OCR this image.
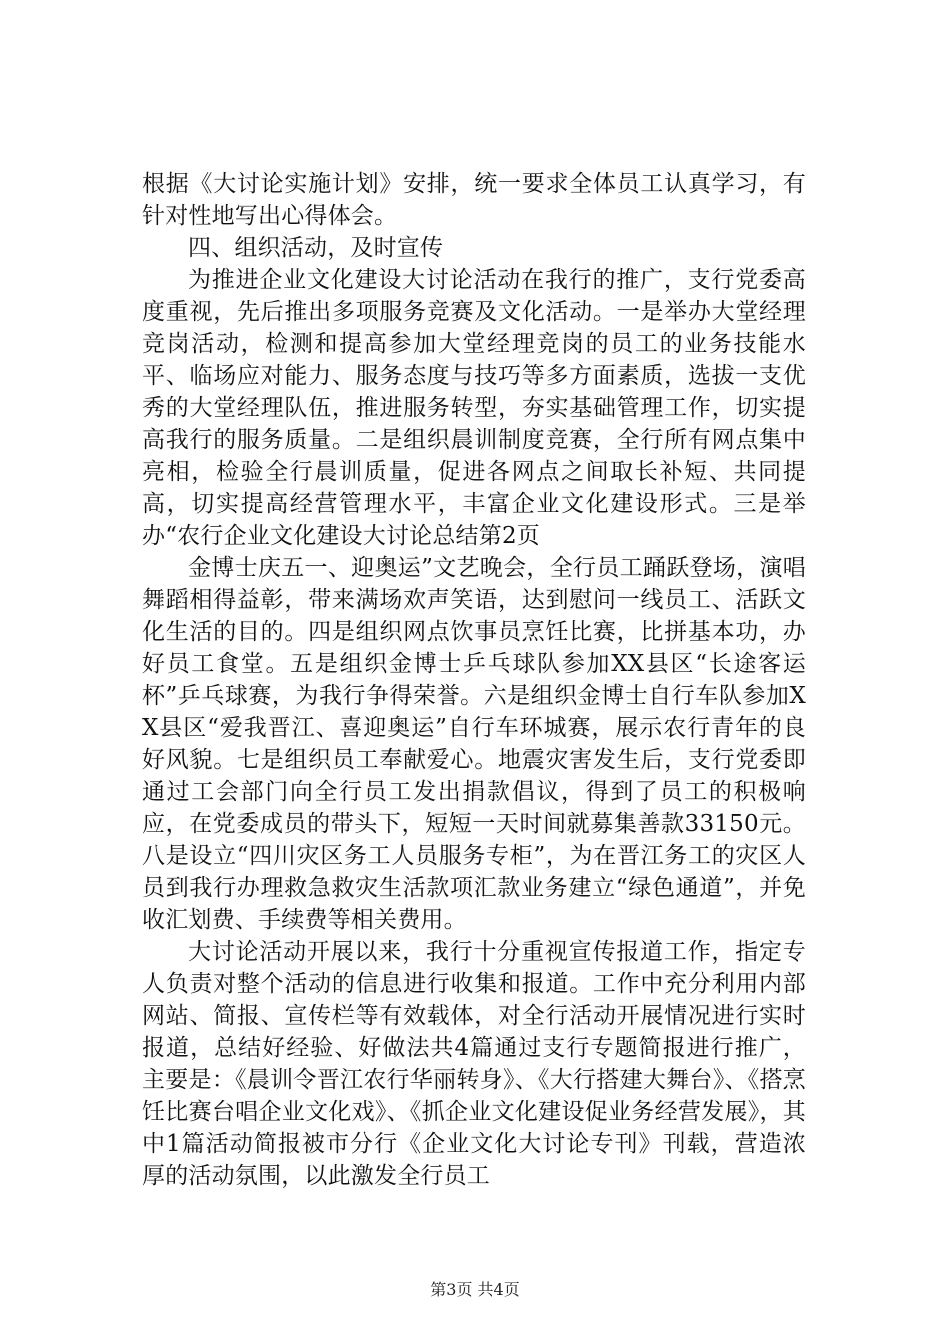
根据《大讨论实施计划》安排，统一要求全体员工认真学习，有针对性地写出心得体会。

四、组织活动，及时宣传

为推进企业文化建设大讨论活动在我行的推广，支行党委高度重视，先后推出多项服务竞赛及文化活动。一是举办大堂经理竞岗活动，检测和提高参加大堂经理竞岗的员工的业务技能水平、临场应对能力、服务态度与技巧等多方面素质，选拔一支优秀的大堂经理队伍，推进服务转型，夯实基础管理工作，切实提高我行的服务质量。二是组织晨训制度竞赛，全行所有网点集中亮相，检验全行晨训质量，促进各网点之间取长补短、共同提高，切实提高经营管理水平，丰富企业文化建设形式。三是举办“农行企业文化建设大讨论总结第2页

金博士庆五一、迎奥运”文艺晚会，全行员工踊跃登场，演唱舞蹈相得益彰，带来满场欢声笑语，达到慰问一线员工、活跃文化生活的目的。四是组织网点饮事员烹饪比赛，比拼基本功，办好员工食堂。五是组织金博士乒乓球队参加XX县区“长途客运杯”乒乓球赛，为我行争得荣誉。六是组织金博士自行车队参加XX县区“爱我晋江、喜迎奥运”自行车环城赛，展示农行青年的良好风貌。七是组织员工奉献爱心。地震灾害发生后，支行党委即通过工会部门向全行员工发出捐款倡议，得到了员工的积极响应，在党委成员的带头下，短短一天时间就募集善款33150元。八是设立“四川灾区务工人员服务专柜”，为在晋江务工的灾区人员到我行办理救急救灾生活款项汇款业务建立“绿色通道”，并免收汇划费、手续费等相关费用。

大讨论活动开展以来，我行十分重视宣传报道工作，指定专人负责对整个活动的信息进行收集和报道。工作中充分利用内部网站、简报、宣传栏等有效载体，对全行活动开展情况进行实时报道，总结好经验、好做法共4篇通过支行专题简报进行推广，主要是：《晨训令晋江农行华丽转身》、《大行搭建大舞台》、《搭烹饪比赛台唱企业文化戏》、《抓企业文化建设促业务经营发展》，其中1篇活动简报被市分行《企业文化大讨论专刊》刊载，营造浓厚的活动氛围，以此激发全行员工

第3页 共4页
